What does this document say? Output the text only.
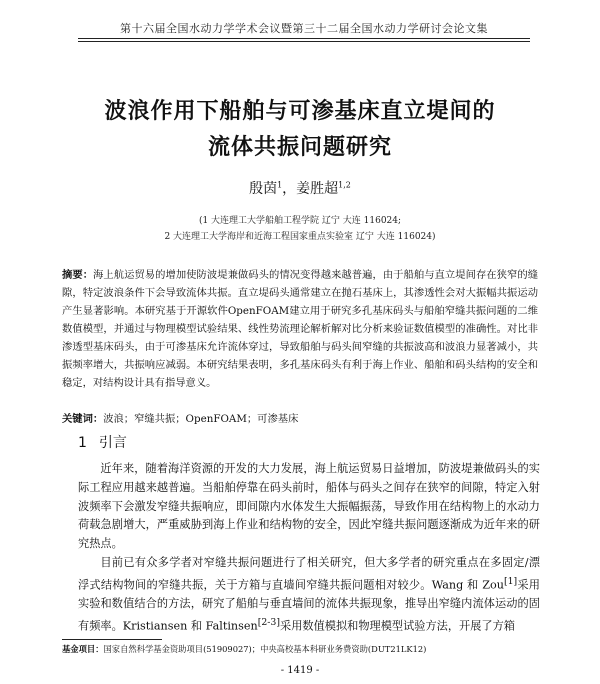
第十六届全国水动力学学术会议暨第三十二届全国水动力学研讨会论文集
波浪作用下船舶与可渗基床直立堤间的
流体共振问题研究
殷茵$^1$，姜胜超$^{1,2}$
(1 大连理工大学船舶工程学院 辽宁 大连 116024;
2 大连理工大学海岸和近海工程国家重点实验室 辽宁 大连 116024)
摘要：海上航运贸易的增加使防波堤兼做码头的情况变得越来越普遍，由于船舶与直立堤间存在狭窄的缝隙，特定波浪条件下会导致流体共振。直立堤码头通常建立在抛石基床上，其渗透性会对大振幅共振运动产生显著影响。本研究基于开源软件OpenFOAM建立用于研究多孔基床码头与船舶窄缝共振问题的二维数值模型，并通过与物理模型试验结果、线性势流理论解析解对比分析来验证数值模型的准确性。对比非渗透型基床码头，由于可渗基床允许流体穿过，导致船舶与码头间窄缝的共振波高和波浪力显著减小，共振频率增大，共振响应减弱。本研究结果表明，多孔基床码头有利于海上作业、船舶和码头结构的安全和稳定，对结构设计具有指导意义。
关键词：波浪；窄缝共振；OpenFOAM；可渗基床
1 引言
近年来，随着海洋资源的开发的大力发展，海上航运贸易日益增加，防波堤兼做码头的实际工程应用越来越普遍。当船舶停靠在码头前时，船体与码头之间存在狭窄的间隙，特定入射波频率下会激发窄缝共振响应，即间隙内水体发生大振幅振荡，导致作用在结构物上的水动力荷载急剧增大，严重威胁到海上作业和结构物的安全，因此窄缝共振问题逐渐成为近年来的研究热点。
目前已有众多学者对窄缝共振问题进行了相关研究，但大多学者的研究重点在多固定/漂浮式结构物间的窄缝共振，关于方箱与直墙间窄缝共振问题相对较少。Wang 和 Zou[1]采用实验和数值结合的方法，研究了船舶与垂直墙间的流体共振现象，推导出窄缝内流体运动的固有频率。Kristiansen 和 Faltinsen[2-3]采用数值模拟和物理模型试验方法，开展了方箱
基金项目：国家自然科学基金资助项目(51909027)；中央高校基本科研业务费资助(DUT21LK12)
- 1419 -
